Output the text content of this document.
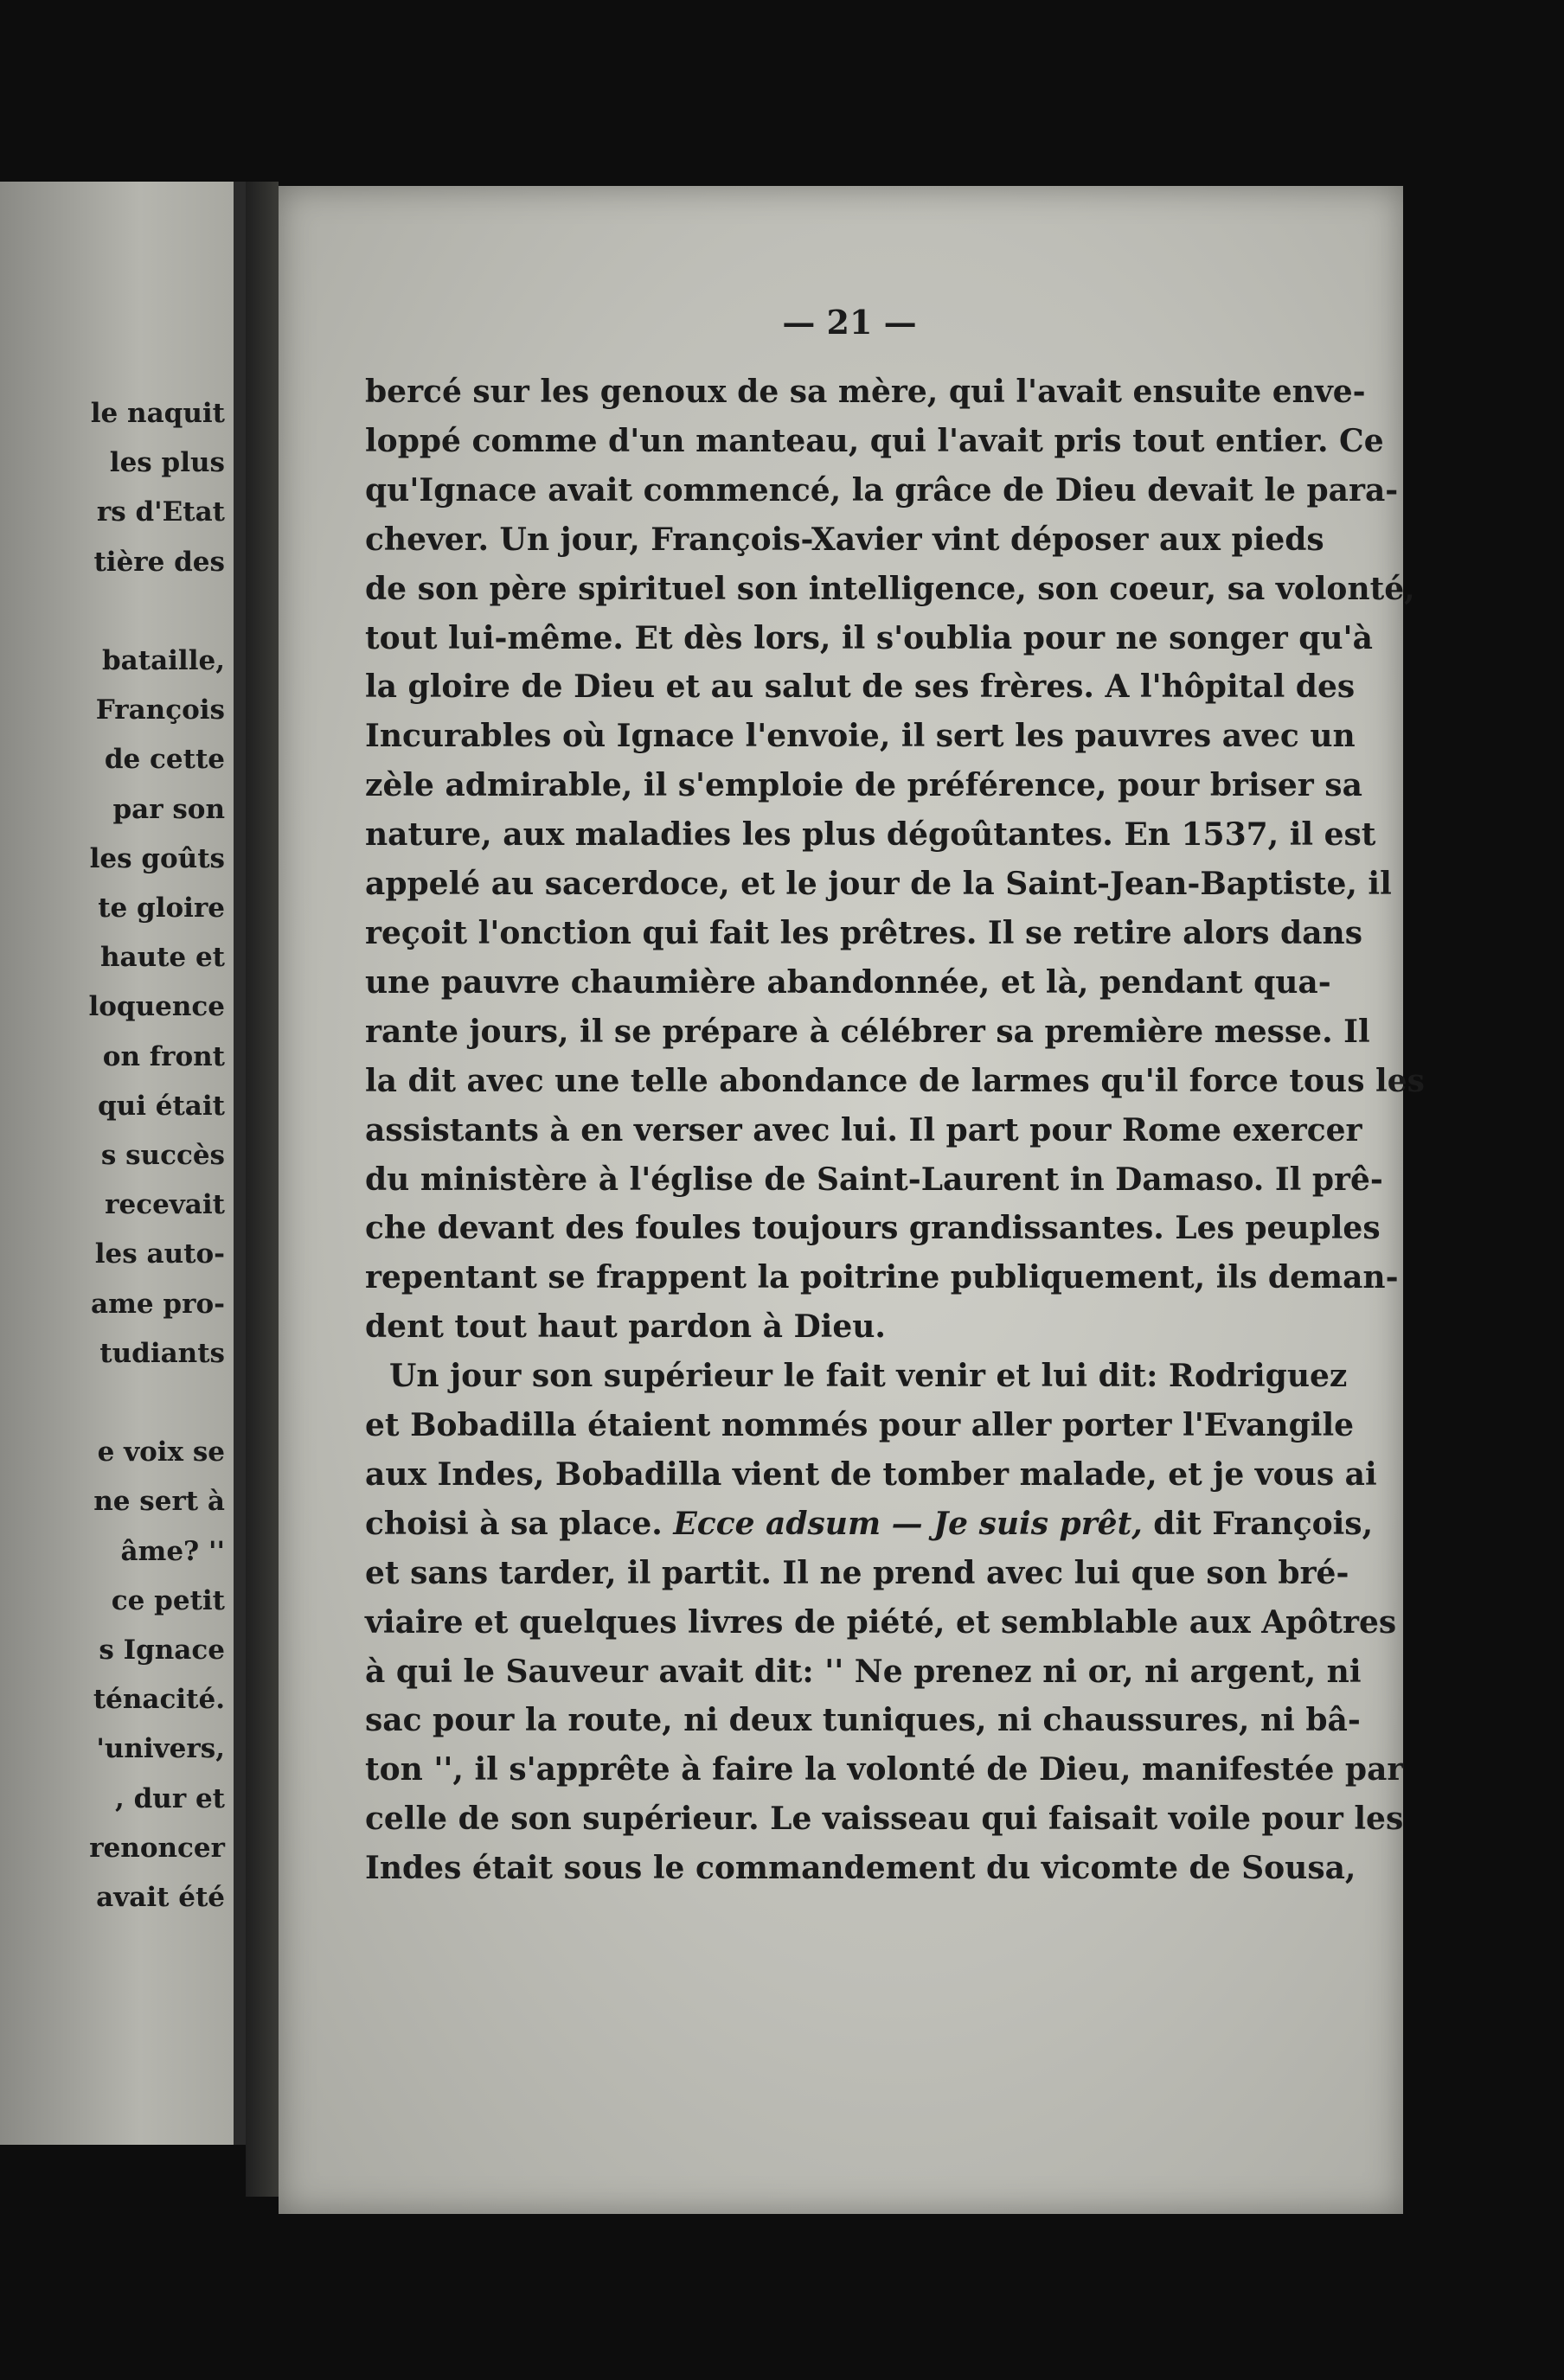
le naquit
les plus
rs d'Etat
tière des

bataille,
François
de cette
par son
les goûts
te gloire
haute et
loquence
on front
qui était
s succès
recevait
les auto-
ame pro-
tudiants

e voix se
ne sert à
âme? ''
ce petit
s Ignace
ténacité.
'univers,
, dur et
renoncer
avait été
— 21 —
bercé sur les genoux de sa mère, qui l'avait ensuite enve-
loppé comme d'un manteau, qui l'avait pris tout entier. Ce
qu'Ignace avait commencé, la grâce de Dieu devait le para-
chever. Un jour, François-Xavier vint déposer aux pieds
de son père spirituel son intelligence, son coeur, sa volonté,
tout lui-même. Et dès lors, il s'oublia pour ne songer qu'à
la gloire de Dieu et au salut de ses frères. A l'hôpital des
Incurables où Ignace l'envoie, il sert les pauvres avec un
zèle admirable, il s'emploie de préférence, pour briser sa
nature, aux maladies les plus dégoûtantes. En 1537, il est
appelé au sacerdoce, et le jour de la Saint-Jean-Baptiste, il
reçoit l'onction qui fait les prêtres. Il se retire alors dans
une pauvre chaumière abandonnée, et là, pendant qua-
rante jours, il se prépare à célébrer sa première messe. Il
la dit avec une telle abondance de larmes qu'il force tous les
assistants à en verser avec lui. Il part pour Rome exercer
du ministère à l'église de Saint-Laurent in Damaso. Il prê-
che devant des foules toujours grandissantes. Les peuples
repentant se frappent la poitrine publiquement, ils deman-
dent tout haut pardon à Dieu.
Un jour son supérieur le fait venir et lui dit: Rodriguez
et Bobadilla étaient nommés pour aller porter l'Evangile
aux Indes, Bobadilla vient de tomber malade, et je vous ai
choisi à sa place. Ecce adsum — Je suis prêt, dit François,
et sans tarder, il partit. Il ne prend avec lui que son bré-
viaire et quelques livres de piété, et semblable aux Apôtres
à qui le Sauveur avait dit: '' Ne prenez ni or, ni argent, ni
sac pour la route, ni deux tuniques, ni chaussures, ni bâ-
ton '', il s'apprête à faire la volonté de Dieu, manifestée par
celle de son supérieur. Le vaisseau qui faisait voile pour les
Indes était sous le commandement du vicomte de Sousa,
